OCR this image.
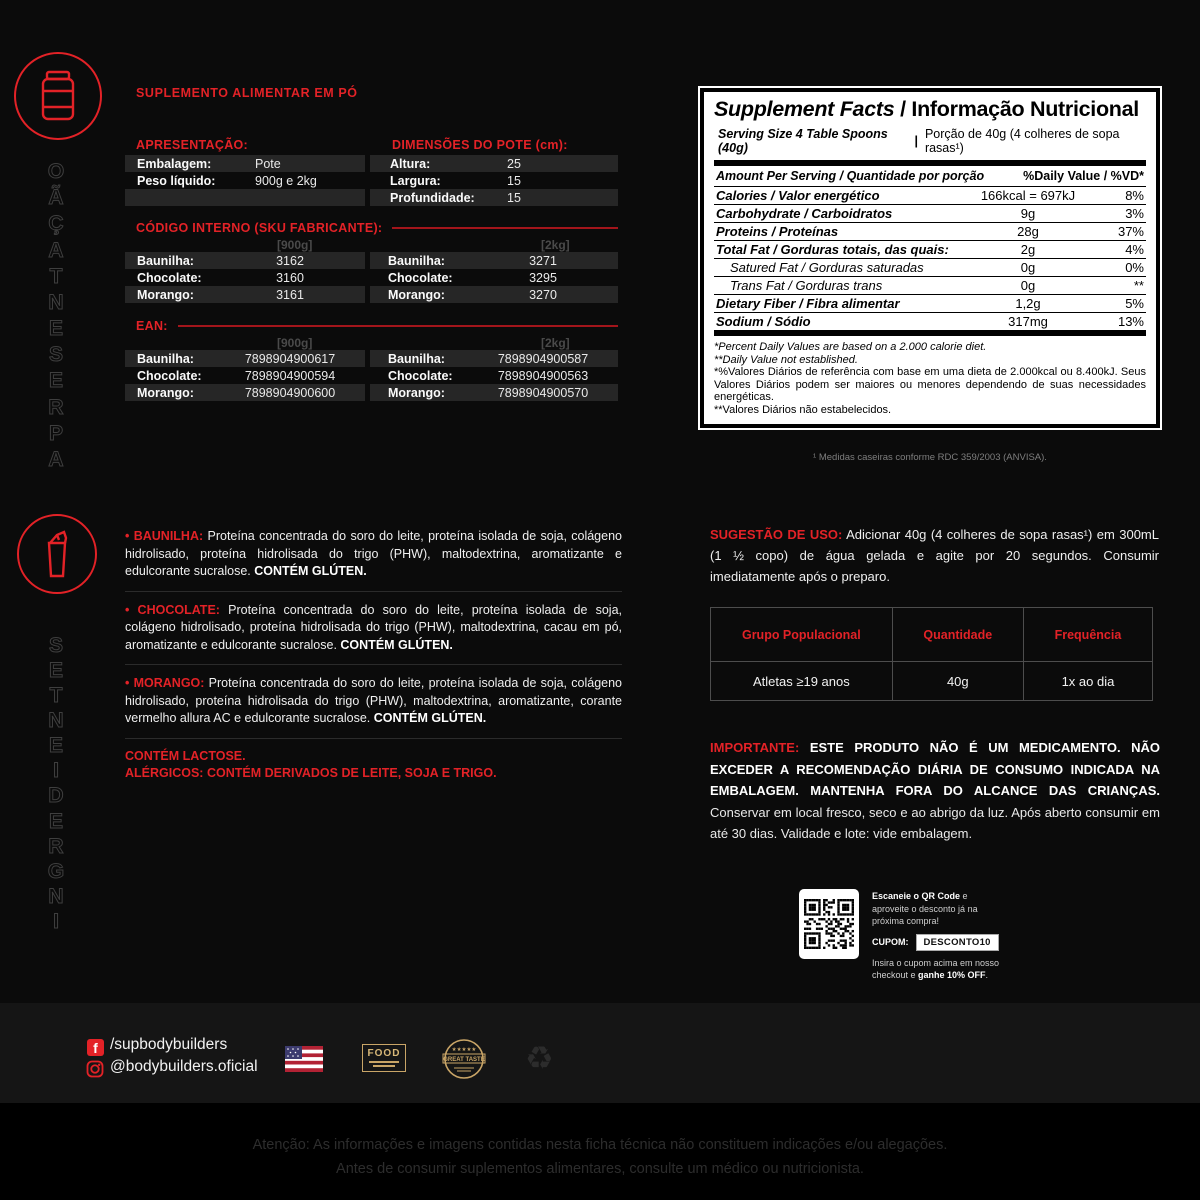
A
P
R
E
S
E
N
T
A
Ç
Ã
O
I
N
G
R
E
D
I
E
N
T
E
S
SUPLEMENTO ALIMENTAR EM PÓ
APRESENTAÇÃO:
Embalagem:	Pote
Peso líquido:	900g e 2kg
DIMENSÕES DO POTE (cm):
Altura:	25
Largura:	15
Profundidade:	15
CÓDIGO INTERNO (SKU FABRICANTE):
[900g]	[2kg]
Baunilha:	3162
Chocolate:	3160
Morango:	3161
Baunilha:	3271
Chocolate:	3295
Morango:	3270
EAN:
[900g]	[2kg]
Baunilha:	7898904900617
Chocolate:	7898904900594
Morango:	7898904900600
Baunilha:	7898904900587
Chocolate:	7898904900563
Morango:	7898904900570
Supplement Facts / Informação Nutricional
Serving Size 4 Table Spoons (40g)	| Porção de 40g (4 colheres de sopa rasas¹)
Amount Per Serving / Quantidade por porção	%Daily Value / %VD*
Calories / Valor energético	166kcal = 697kJ	8%
Carbohydrate / Carboidratos	9g	3%
Proteins / Proteínas	28g	37%
Total Fat / Gorduras totais, das quais:	2g	4%
Satured Fat / Gorduras saturadas	0g	0%
Trans Fat / Gorduras trans	0g	**
Dietary Fiber / Fibra alimentar	1,2g	5%
Sodium / Sódio	317mg	13%
*Percent Daily Values are based on a 2.000 calorie diet.
**Daily Value not established.
*%Valores Diários de referência com base em uma dieta de 2.000kcal ou 8.400kJ. Seus Valores Diários podem ser maiores ou menores dependendo de suas necessidades energéticas.
**Valores Diários não estabelecidos.
¹ Medidas caseiras conforme RDC 359/2003 (ANVISA).
• BAUNILHA: Proteína concentrada do soro do leite, proteína isolada de soja, colágeno hidrolisado, proteína hidrolisada do trigo (PHW), maltodextrina, aromatizante e edulcorante sucralose. CONTÉM GLÚTEN.
• CHOCOLATE: Proteína concentrada do soro do leite, proteína isolada de soja, colágeno hidrolisado, proteína hidrolisada do trigo (PHW), maltodextrina, cacau em pó, aromatizante e edulcorante sucralose. CONTÉM GLÚTEN.
• MORANGO: Proteína concentrada do soro do leite, proteína isolada de soja, colágeno hidrolisado, proteína hidrolisada do trigo (PHW), maltodextrina, aromatizante, corante vermelho allura AC e edulcorante sucralose. CONTÉM GLÚTEN.
CONTÉM LACTOSE.
ALÉRGICOS: CONTÉM DERIVADOS DE LEITE, SOJA E TRIGO.
SUGESTÃO DE USO: Adicionar 40g (4 colheres de sopa rasas¹) em 300mL (1 ½ copo) de água gelada e agite por 20 segundos. Consumir imediatamente após o preparo.
Grupo Populacional	Quantidade	Frequência
Atletas ≥19 anos	40g	1x ao dia
IMPORTANTE: ESTE PRODUTO NÃO É UM MEDICAMENTO. NÃO EXCEDER A RECOMENDAÇÃO DIÁRIA DE CONSUMO INDICADA NA EMBALAGEM. MANTENHA FORA DO ALCANCE DAS CRIANÇAS. Conservar em local fresco, seco e ao abrigo da luz. Após aberto consumir em até 30 dias. Validade e lote: vide embalagem.
Escaneie o QR Code e aproveite o desconto já na próxima compra!
CUPOM:	DESCONTO10
Insira o cupom acima em nosso checkout e ganhe 10% OFF.
f /supbodybuilders
@bodybuilders.oficial
FOOD	★★★★★
GREAT TASTE ♻
Atenção: As informações e imagens contidas nesta ficha técnica não constituem indicações e/ou alegações.
Antes de consumir suplementos alimentares, consulte um médico ou nutricionista.
